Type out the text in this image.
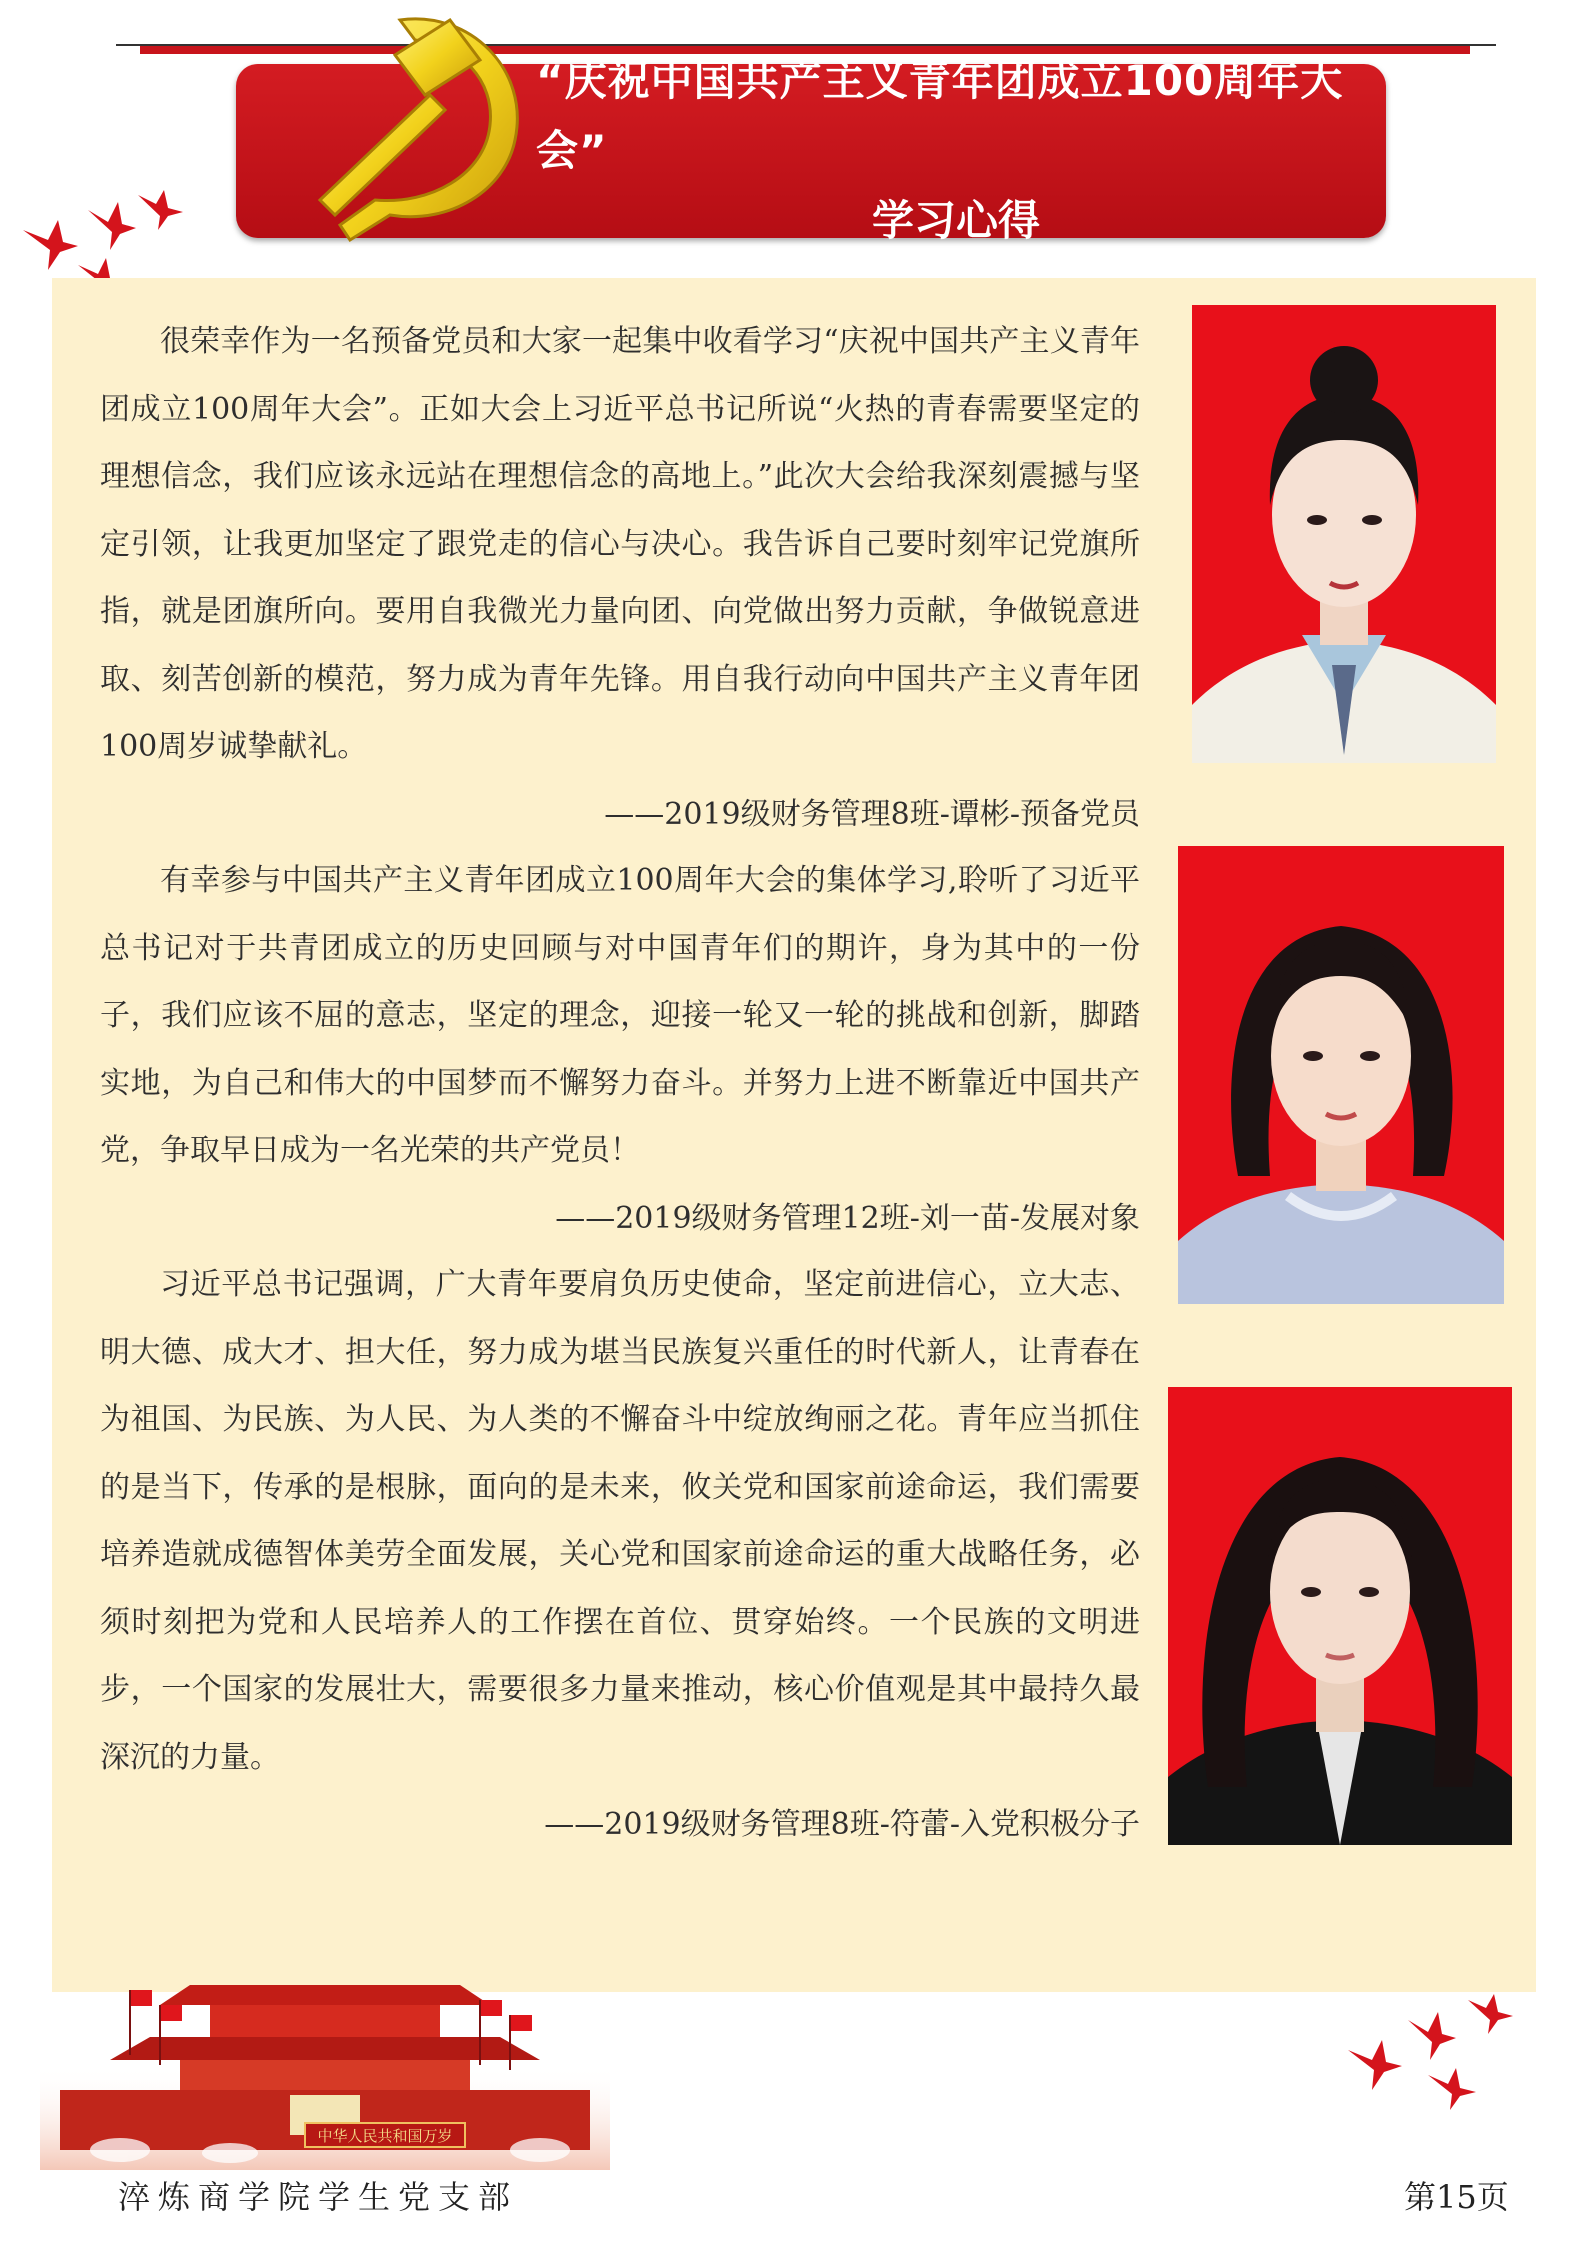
“庆祝中国共产主义青年团成立100周年大会”
学习心得

很荣幸作为一名预备党员和大家一起集中收看学习“庆祝中国共产主义青年团成立100周年大会”。正如大会上习近平总书记所说“火热的青春需要坚定的理想信念，我们应该永远站在理想信念的高地上。”此次大会给我深刻震撼与坚定引领，让我更加坚定了跟党走的信心与决心。我告诉自己要时刻牢记党旗所指，就是团旗所向。要用自我微光力量向团、向党做出努力贡献，争做锐意进取、刻苦创新的模范，努力成为青年先锋。用自我行动向中国共产主义青年团100周岁诚挚献礼。

——2019级财务管理8班-谭彬-预备党员

有幸参与中国共产主义青年团成立100周年大会的集体学习,聆听了习近平总书记对于共青团成立的历史回顾与对中国青年们的期许，身为其中的一份子，我们应该不屈的意志，坚定的理念，迎接一轮又一轮的挑战和创新，脚踏实地，为自己和伟大的中国梦而不懈努力奋斗。并努力上进不断靠近中国共产党，争取早日成为一名光荣的共产党员！

——2019级财务管理12班-刘一苗-发展对象

习近平总书记强调，广大青年要肩负历史使命，坚定前进信心，立大志、明大德、成大才、担大任，努力成为堪当民族复兴重任的时代新人，让青春在为祖国、为民族、为人民、为人类的不懈奋斗中绽放绚丽之花。青年应当抓住的是当下，传承的是根脉，面向的是未来，攸关党和国家前途命运，我们需要培养造就成德智体美劳全面发展，关心党和国家前途命运的重大战略任务，必须时刻把为党和人民培养人的工作摆在首位、贯穿始终。一个民族的文明进步，一个国家的发展壮大，需要很多力量来推动，核心价值观是其中最持久最深沉的力量。

——2019级财务管理8班-符蕾-入党积极分子

中华人民共和国万岁
淬炼商学院学生党支部	第15页
